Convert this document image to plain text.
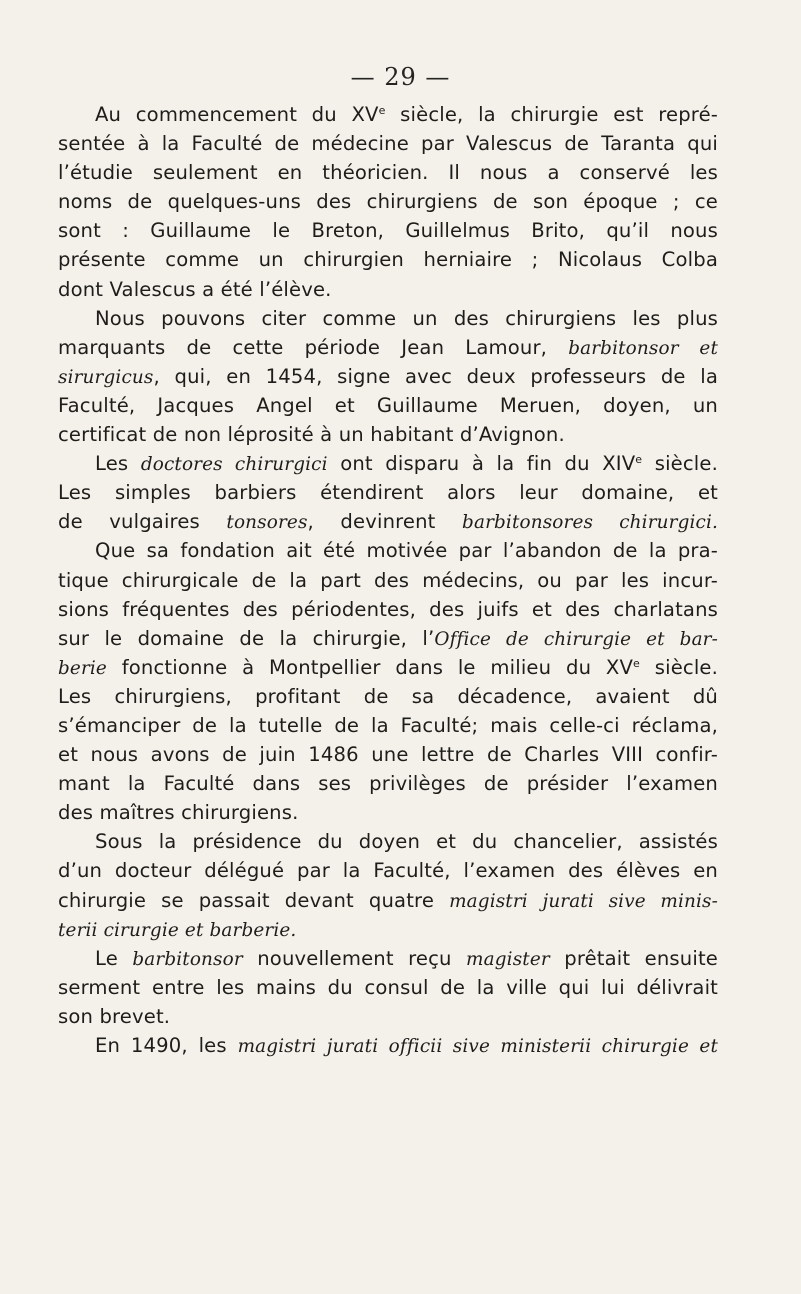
— 29 —
Au commencement du XVe siècle, la chirurgie est repré-
sentée à la Faculté de médecine par Valescus de Taranta qui
l’étudie seulement en théoricien. Il nous a conservé les
noms de quelques-uns des chirurgiens de son époque ; ce
sont : Guillaume le Breton, Guillelmus Brito, qu’il nous
présente comme un chirurgien herniaire ; Nicolaus Colba
dont Valescus a été l’élève.
Nous pouvons citer comme un des chirurgiens les plus
marquants de cette période Jean Lamour, barbitonsor et
sirurgicus, qui, en 1454, signe avec deux professeurs de la
Faculté, Jacques Angel et Guillaume Meruen, doyen, un
certificat de non léprosité à un habitant d’Avignon.
Les doctores chirurgici ont disparu à la fin du XIVe siècle.
Les simples barbiers étendirent alors leur domaine, et
de vulgaires tonsores, devinrent barbitonsores chirurgici.
Que sa fondation ait été motivée par l’abandon de la pra-
tique chirurgicale de la part des médecins, ou par les incur-
sions fréquentes des périodentes, des juifs et des charlatans
sur le domaine de la chirurgie, l’Office de chirurgie et bar-
berie fonctionne à Montpellier dans le milieu du XVe siècle.
Les chirurgiens, profitant de sa décadence, avaient dû
s’émanciper de la tutelle de la Faculté; mais celle-ci réclama,
et nous avons de juin 1486 une lettre de Charles VIII confir-
mant la Faculté dans ses privilèges de présider l’examen
des maîtres chirurgiens.
Sous la présidence du doyen et du chancelier, assistés
d’un docteur délégué par la Faculté, l’examen des élèves en
chirurgie se passait devant quatre magistri jurati sive minis-
terii cirurgie et barberie.
Le barbitonsor nouvellement reçu magister prêtait ensuite
serment entre les mains du consul de la ville qui lui délivrait
son brevet.
En 1490, les magistri jurati officii sive ministerii chirurgie et
